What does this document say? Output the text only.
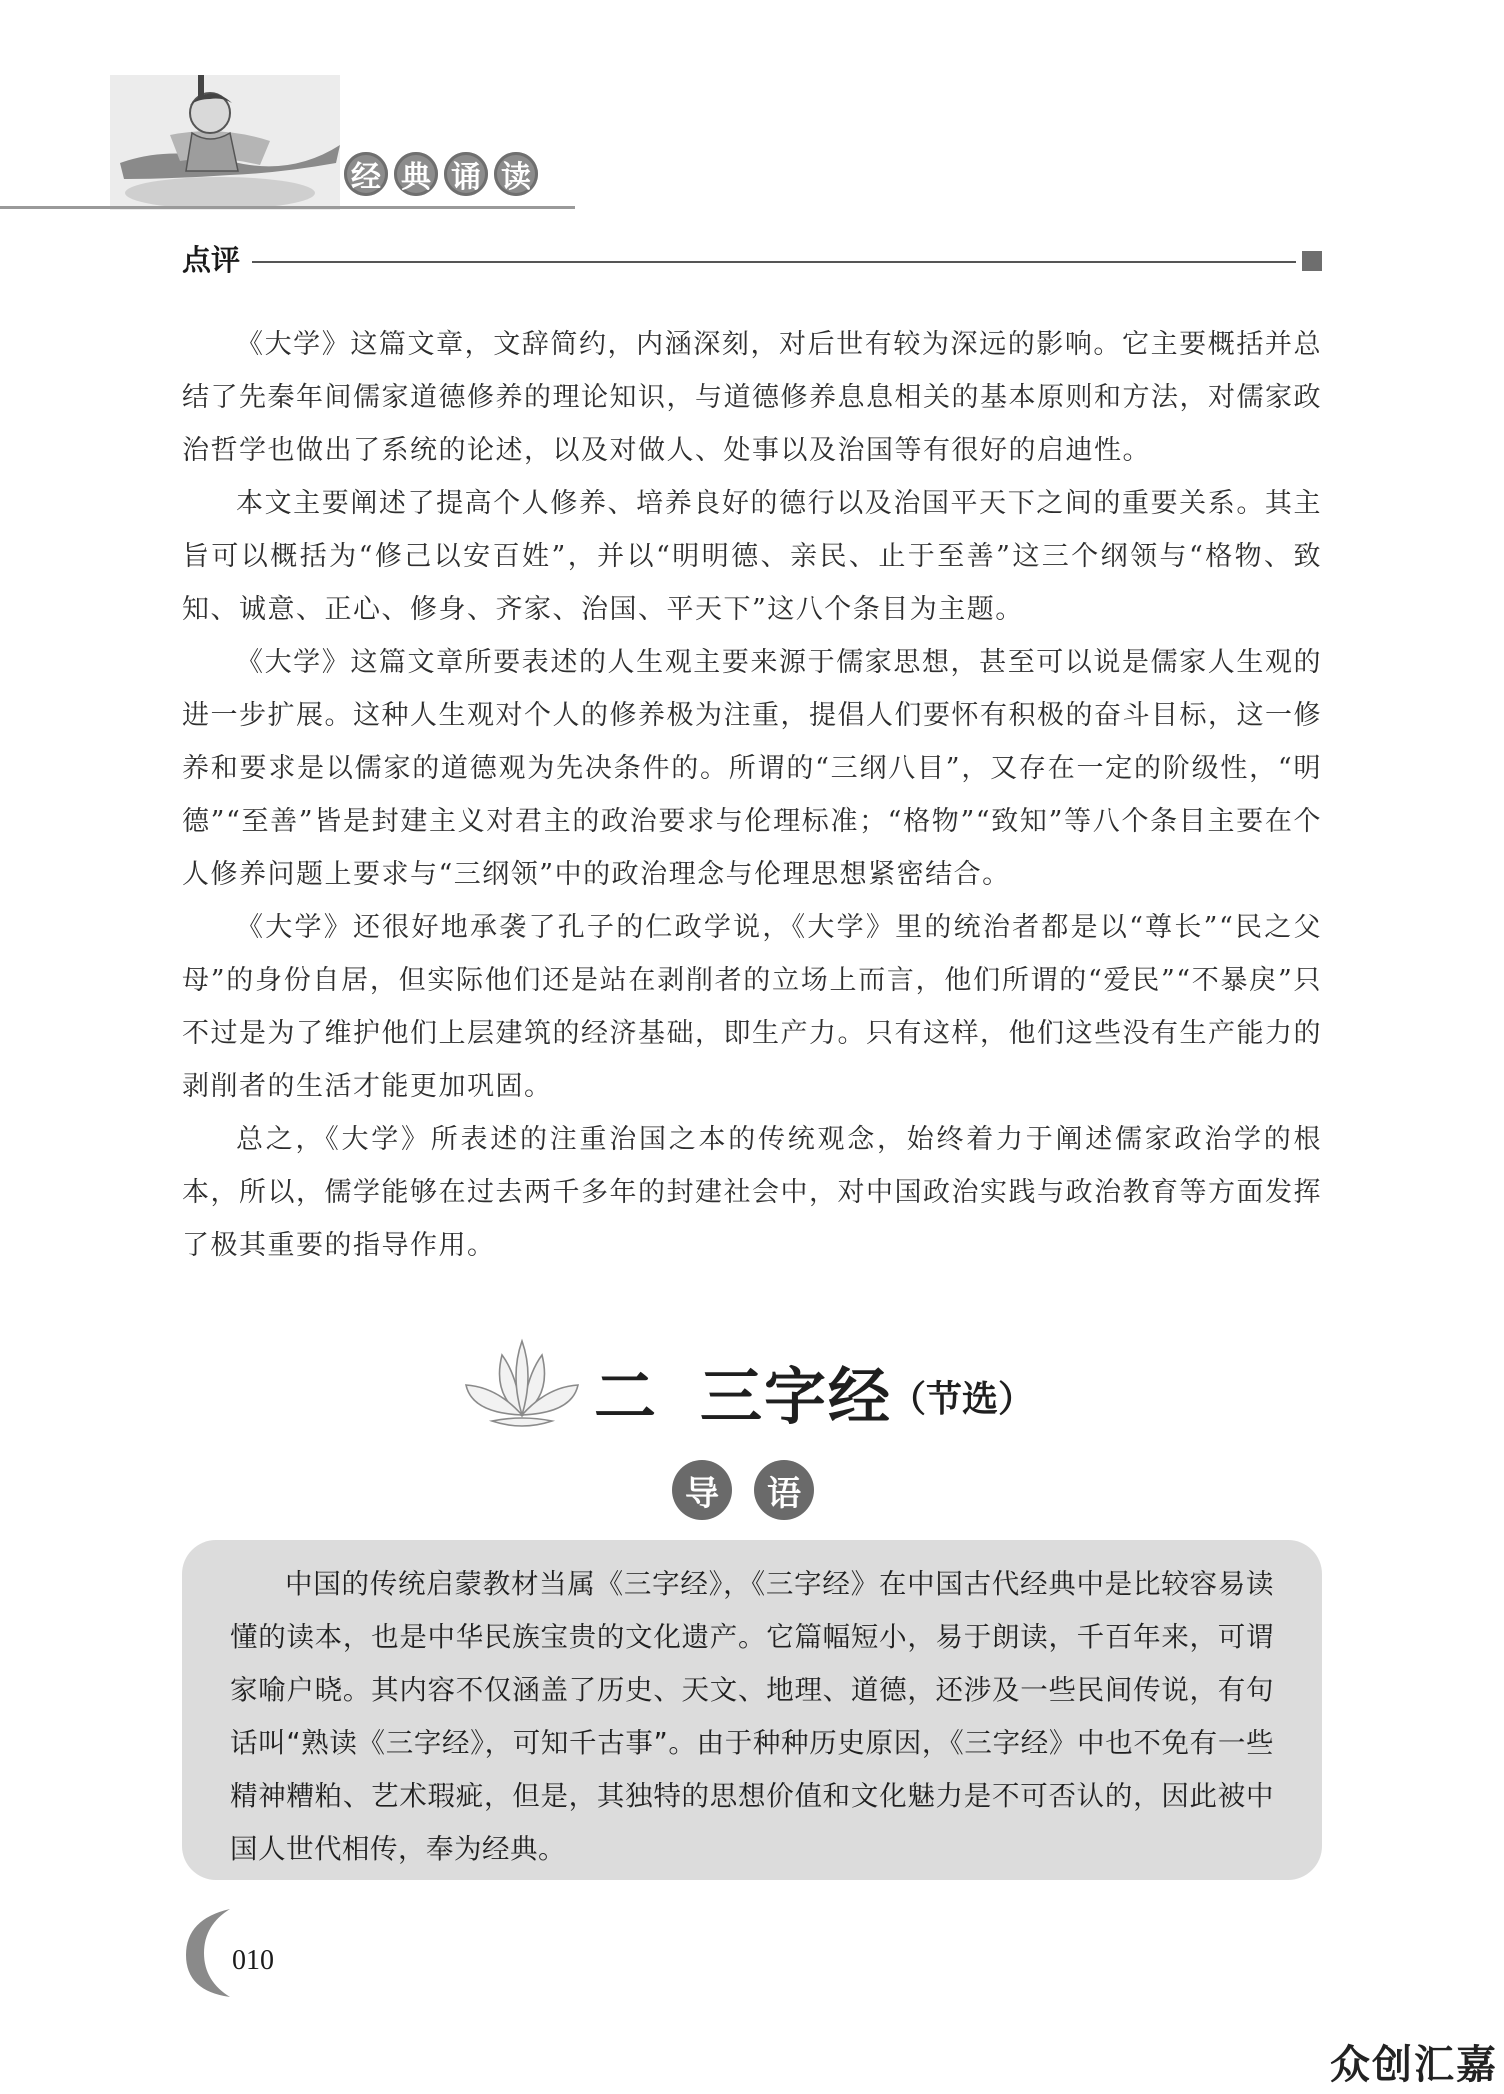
经 典 诵 读
点评

《大学》这篇文章，文辞简约，内涵深刻，对后世有较为深远的影响。它主要概括并总结了先秦年间儒家道德修养的理论知识，与道德修养息息相关的基本原则和方法，对儒家政治哲学也做出了系统的论述，以及对做人、处事以及治国等有很好的启迪性。

本文主要阐述了提高个人修养、培养良好的德行以及治国平天下之间的重要关系。其主旨可以概括为“修己以安百姓”，并以“明明德、亲民、止于至善”这三个纲领与“格物、致知、诚意、正心、修身、齐家、治国、平天下”这八个条目为主题。

《大学》这篇文章所要表述的人生观主要来源于儒家思想，甚至可以说是儒家人生观的进一步扩展。这种人生观对个人的修养极为注重，提倡人们要怀有积极的奋斗目标，这一修养和要求是以儒家的道德观为先决条件的。所谓的“三纲八目”，又存在一定的阶级性，“明德”“至善”皆是封建主义对君主的政治要求与伦理标准；“格物”“致知”等八个条目主要在个人修养问题上要求与“三纲领”中的政治理念与伦理思想紧密结合。

《大学》还很好地承袭了孔子的仁政学说，《大学》里的统治者都是以“尊长”“民之父母”的身份自居，但实际他们还是站在剥削者的立场上而言，他们所谓的“爱民”“不暴戾”只不过是为了维护他们上层建筑的经济基础，即生产力。只有这样，他们这些没有生产能力的剥削者的生活才能更加巩固。

总之，《大学》所表述的注重治国之本的传统观念，始终着力于阐述儒家政治学的根本，所以，儒学能够在过去两千多年的封建社会中，对中国政治实践与政治教育等方面发挥了极其重要的指导作用。

二 三字经
（节选）
导	语

中国的传统启蒙教材当属《三字经》，《三字经》在中国古代经典中是比较容易读懂的读本，也是中华民族宝贵的文化遗产。它篇幅短小，易于朗读，千百年来，可谓家喻户晓。其内容不仅涵盖了历史、天文、地理、道德，还涉及一些民间传说，有句话叫“熟读《三字经》，可知千古事”。由于种种历史原因，《三字经》中也不免有一些精神糟粕、艺术瑕疵，但是，其独特的思想价值和文化魅力是不可否认的，因此被中国人世代相传，奉为经典。

010
众创汇嘉
